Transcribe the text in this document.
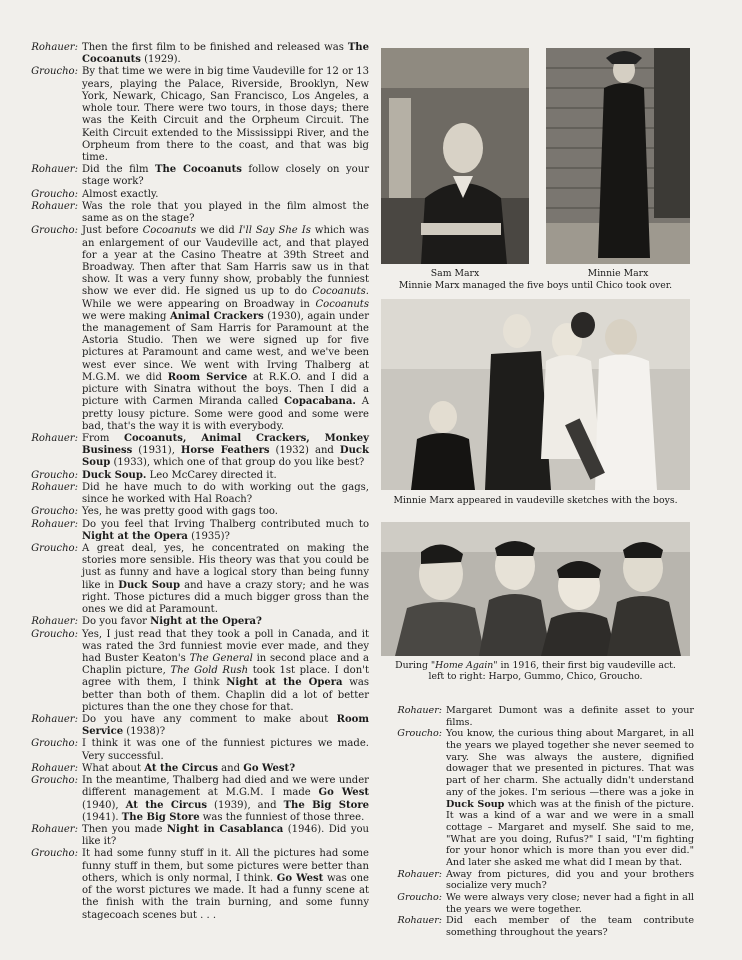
Rohauer: Then the first film to be finished and released was The Cocoanuts (1929).
Groucho: By that time we were in big time Vaudeville for 12 or 13 years, playing the Palace, Riverside, Brooklyn, New York, Newark, Chicago, San Francisco, Los Angeles, a whole tour. There were two tours, in those days; there was the Keith Circuit and the Orpheum Circuit. The Keith Circuit extended to the Mississippi River, and the Orpheum from there to the coast, and that was big time.
Rohauer: Did the film The Cocoanuts follow closely on your stage work?
Groucho: Almost exactly.
Rohauer: Was the role that you played in the film almost the same as on the stage?
Groucho: Just before Cocoanuts we did I'll Say She Is which was an enlargement of our Vaudeville act, and that played for a year at the Casino Theatre at 39th Street and Broadway. Then after that Sam Harris saw us in that show. It was a very funny show, probably the funniest show we ever did. He signed us up to do Cocoanuts. While we were appearing on Broadway in Cocoanuts we were making Animal Crackers (1930), again under the management of Sam Harris for Paramount at the Astoria Studio. Then we were signed up for five pictures at Paramount and came west, and we've been west ever since. We went with Irving Thalberg at M.G.M. we did Room Service at R.K.O. and I did a picture with Sinatra without the boys. Then I did a picture with Carmen Miranda called Copacabana. A pretty lousy picture. Some were good and some were bad, that's the way it is with everybody.
Rohauer: From Cocoanuts, Animal Crackers, Monkey Business (1931), Horse Feathers (1932) and Duck Soup (1933), which one of that group do you like best?
Groucho: Duck Soup. Leo McCarey directed it.
Rohauer: Did he have much to do with working out the gags, since he worked with Hal Roach?
Groucho: Yes, he was pretty good with gags too.
Rohauer: Do you feel that Irving Thalberg contributed much to Night at the Opera (1935)?
Groucho: A great deal, yes, he concentrated on making the stories more sensible. His theory was that you could be just as funny and have a logical story than being funny like in Duck Soup and have a crazy story; and he was right. Those pictures did a much bigger gross than the ones we did at Paramount.
Rohauer: Do you favor Night at the Opera?
Groucho: Yes, I just read that they took a poll in Canada, and it was rated the 3rd funniest movie ever made, and they had Buster Keaton's The General in second place and a Chaplin picture, The Gold Rush took 1st place. I don't agree with them, I think Night at the Opera was better than both of them. Chaplin did a lot of better pictures than the one they chose for that.
Rohauer: Do you have any comment to make about Room Service (1938)?
Groucho: I think it was one of the funniest pictures we made. Very successful.
Rohauer: What about At the Circus and Go West?
Groucho: In the meantime, Thalberg had died and we were under different management at M.G.M. I made Go West (1940), At the Circus (1939), and The Big Store (1941). The Big Store was the funniest of those three.
Rohauer: Then you made Night in Casablanca (1946). Did you like it?
Groucho: It had some funny stuff in it. All the pictures had some funny stuff in them, but some pictures were better than others, which is only normal, I think. Go West was one of the worst pictures we made. It had a funny scene at the finish with the train burning, and some funny stagecoach scenes but . . .
Sam Marx	Minnie Marx
Minnie Marx managed the five boys until Chico took over.
Minnie Marx appeared in vaudeville sketches with the boys.
During "Home Again" in 1916, their first big vaudeville act.
left to right: Harpo, Gummo, Chico, Groucho.
Rohauer: Margaret Dumont was a definite asset to your films.
Groucho: You know, the curious thing about Margaret, in all the years we played together she never seemed to vary. She was always the austere, dignified dowager that we presented in pictures. That was part of her charm. She actually didn't understand any of the jokes. I'm serious —there was a joke in Duck Soup which was at the finish of the picture. It was a kind of a war and we were in a small cottage – Margaret and myself. She said to me, "What are you doing, Rufus?" I said, "I'm fighting for your honor which is more than you ever did." And later she asked me what did I mean by that.
Rohauer: Away from pictures, did you and your brothers socialize very much?
Groucho: We were always very close; never had a fight in all the years we were together.
Rohauer: Did each member of the team contribute something throughout the years?
